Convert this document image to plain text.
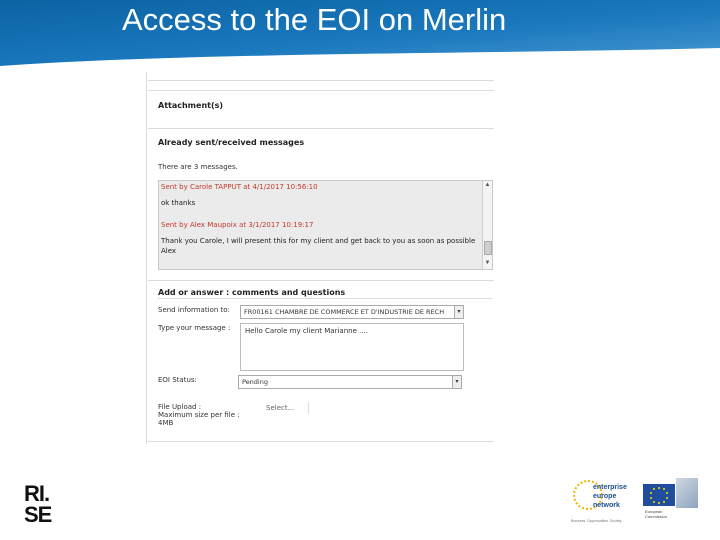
Access to the EOI on Merlin
Attachment(s)
Already sent/received messages
There are 3 messages.
Sent by Carole TAPPUT at 4/1/2017 10:56:10
ok thanks
Sent by Alex Maupoix at 3/1/2017 10:19:17
Thank you Carole, I will present this for my client and get back to you as soon as possible
Alex
▲
▼
Add or answer : comments and questions
Send information to: FR00161 CHAMBRE DE COMMERCE ET D'INDUSTRIE DE RECH	▾
Type your message :	Hello Carole my client Marianne ....
EOI Status:	Pending	▾
File Upload :
Maximum size per file :
4MB
Select...
RI.
SE
enterprise
europe
network
Business. Opportunities. Society.
European
Commission
